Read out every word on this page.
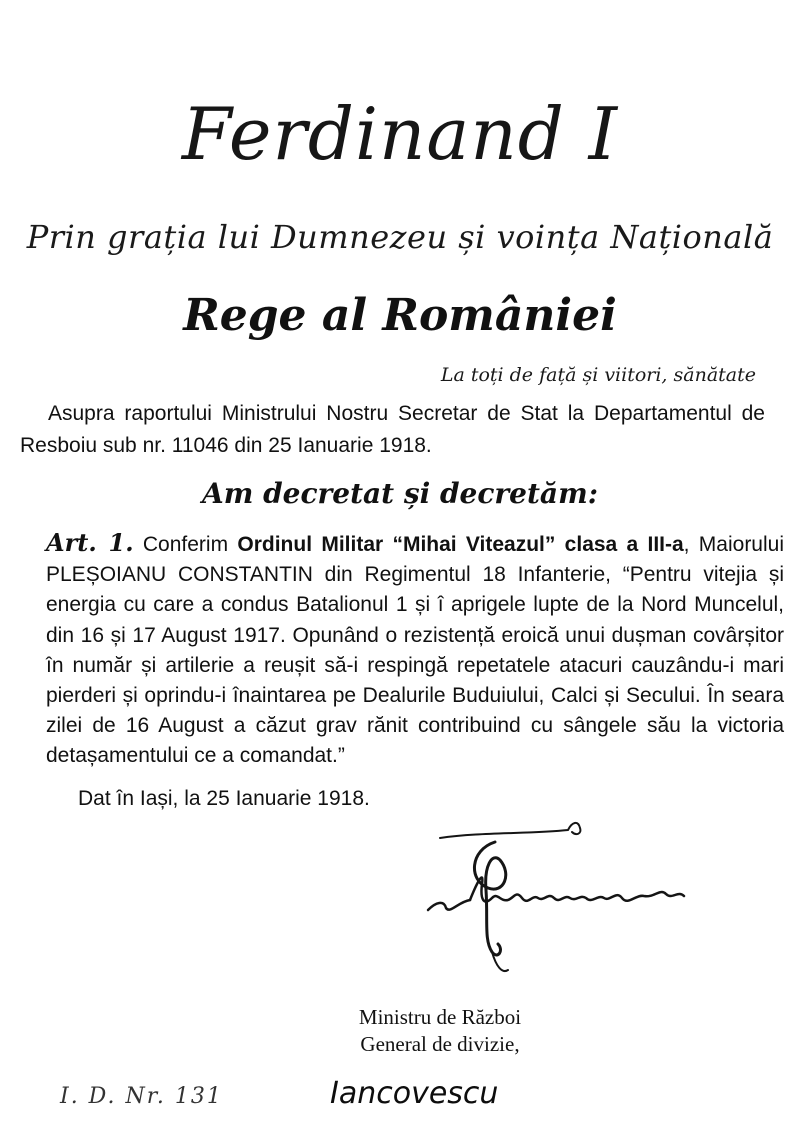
Ferdinand I
Prin grația lui Dumnezeu și voința Națională
Rege al României
La toți de față și viitori, sănătate

Asupra raportului Ministrului Nostru Secretar de Stat la Departamentul de Resboiu sub nr. 11046 din 25 Ianuarie 1918.

Am decretat și decretăm:

Art. 1. Conferim Ordinul Militar “Mihai Viteazul” clasa a III-a, Maiorului PLEȘOIANU CONSTANTIN din Regimentul 18 Infanterie, “Pentru vitejia și energia cu care a condus Batalionul 1 și î aprigele lupte de la Nord Muncelul, din 16 și 17 August 1917. Opunând o rezistență eroică unui dușman covârșitor în număr și artilerie a reușit să-i respingă repetatele atacuri cauzându-i mari pierderi și oprindu-i înaintarea pe Dealurile Buduiului, Calci și Secului. În seara zilei de 16 August a căzut grav rănit contribuind cu sângele său la victoria detașamentului ce a comandat.”

Dat în Iași, la 25 Ianuarie 1918.
Ministru de Război
General de divizie,
I. D. Nr. 131	Iancovescu
